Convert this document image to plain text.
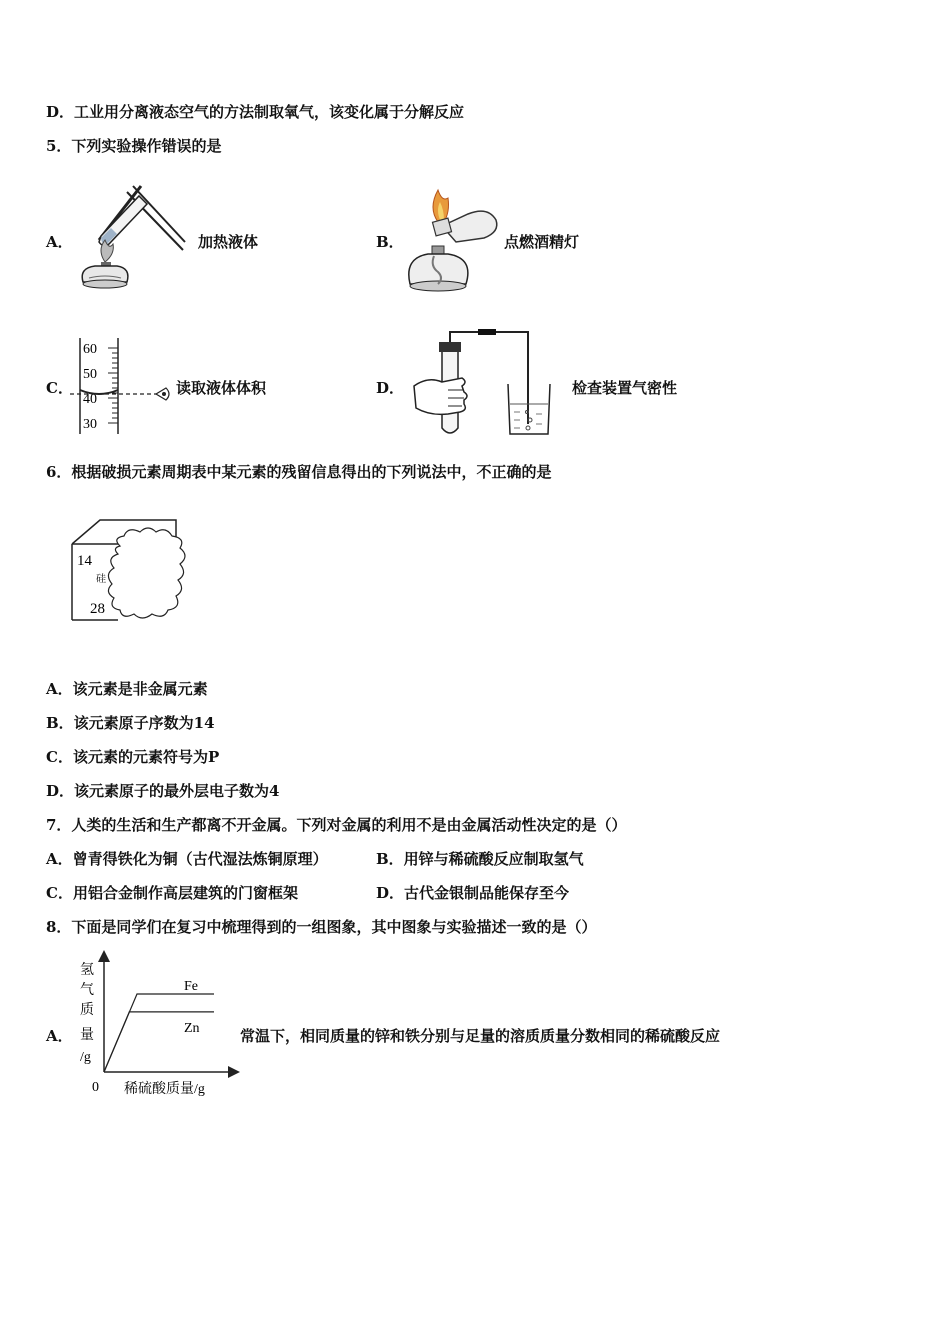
D．工业用分离液态空气的方法制取氧气，该变化属于分解反应
5．下列实验操作错误的是
A．	加热液体	B．	点燃酒精灯
C．
60
50
40
30
读取液体体积	D．	检查装置气密性
6．根据破损元素周期表中某元素的残留信息得出的下列说法中，不正确的是
14
硅
28
A．该元素是非金属元素
B．该元素原子序数为14
C．该元素的元素符号为P
D．该元素原子的最外层电子数为4
7．人类的生活和生产都离不开金属。下列对金属的利用不是由金属活动性决定的是（）
A．曾青得铁化为铜（古代湿法炼铜原理）	B．用锌与稀硫酸反应制取氢气
C．用铝合金制作高层建筑的门窗框架	D．古代金银制品能保存至今
8．下面是同学们在复习中梳理得到的一组图象，其中图象与实验描述一致的是（）
A．
氢
气
质
量
/g
0 稀硫酸质量/g
Fe
Zn	常温下，相同质量的锌和铁分别与足量的溶质质量分数相同的稀硫酸反应
